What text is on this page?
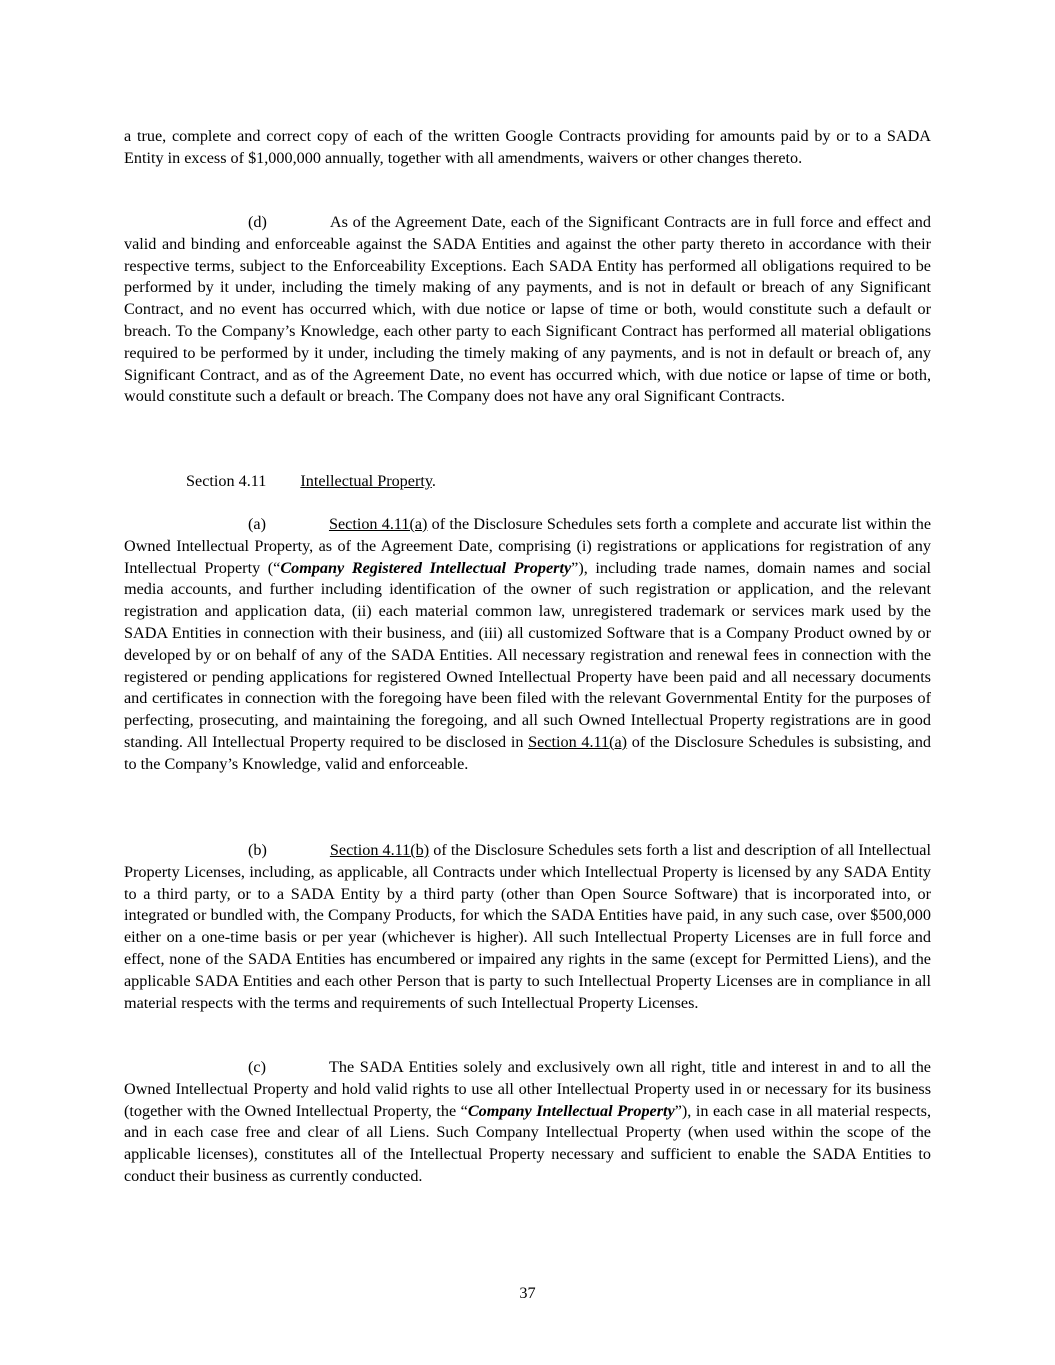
a true, complete and correct copy of each of the written Google Contracts providing for amounts paid by or to a SADA Entity in excess of $1,000,000 annually, together with all amendments, waivers or other changes thereto.

(d)	As of the Agreement Date, each of the Significant Contracts are in full force and effect and valid and binding and enforceable against the SADA Entities and against the other party thereto in accordance with their respective terms, subject to the Enforceability Exceptions. Each SADA Entity has performed all obligations required to be performed by it under, including the timely making of any payments, and is not in default or breach of any Significant Contract, and no event has occurred which, with due notice or lapse of time or both, would constitute such a default or breach. To the Company’s Knowledge, each other party to each Significant Contract has performed all material obligations required to be performed by it under, including the timely making of any payments, and is not in default or breach of, any Significant Contract, and as of the Agreement Date, no event has occurred which, with due notice or lapse of time or both, would constitute such a default or breach. The Company does not have any oral Significant Contracts.

Section 4.11 Intellectual Property.

(a)	Section 4.11(a) of the Disclosure Schedules sets forth a complete and accurate list within the Owned Intellectual Property, as of the Agreement Date, comprising (i) registrations or applications for registration of any Intellectual Property (“Company Registered Intellectual Property”), including trade names, domain names and social media accounts, and further including identification of the owner of such registration or application, and the relevant registration and application data, (ii) each material common law, unregistered trademark or services mark used by the SADA Entities in connection with their business, and (iii) all customized Software that is a Company Product owned by or developed by or on behalf of any of the SADA Entities. All necessary registration and renewal fees in connection with the registered or pending applications for registered Owned Intellectual Property have been paid and all necessary documents and certificates in connection with the foregoing have been filed with the relevant Governmental Entity for the purposes of perfecting, prosecuting, and maintaining the foregoing, and all such Owned Intellectual Property registrations are in good standing. All Intellectual Property required to be disclosed in Section 4.11(a) of the Disclosure Schedules is subsisting, and to the Company’s Knowledge, valid and enforceable.

(b)	Section 4.11(b) of the Disclosure Schedules sets forth a list and description of all Intellectual Property Licenses, including, as applicable, all Contracts under which Intellectual Property is licensed by any SADA Entity to a third party, or to a SADA Entity by a third party (other than Open Source Software) that is incorporated into, or integrated or bundled with, the Company Products, for which the SADA Entities have paid, in any such case, over $500,000 either on a one-time basis or per year (whichever is higher). All such Intellectual Property Licenses are in full force and effect, none of the SADA Entities has encumbered or impaired any rights in the same (except for Permitted Liens), and the applicable SADA Entities and each other Person that is party to such Intellectual Property Licenses are in compliance in all material respects with the terms and requirements of such Intellectual Property Licenses.

(c)	The SADA Entities solely and exclusively own all right, title and interest in and to all the Owned Intellectual Property and hold valid rights to use all other Intellectual Property used in or necessary for its business (together with the Owned Intellectual Property, the “Company Intellectual Property”), in each case in all material respects, and in each case free and clear of all Liens. Such Company Intellectual Property (when used within the scope of the applicable licenses), constitutes all of the Intellectual Property necessary and sufficient to enable the SADA Entities to conduct their business as currently conducted.

37
